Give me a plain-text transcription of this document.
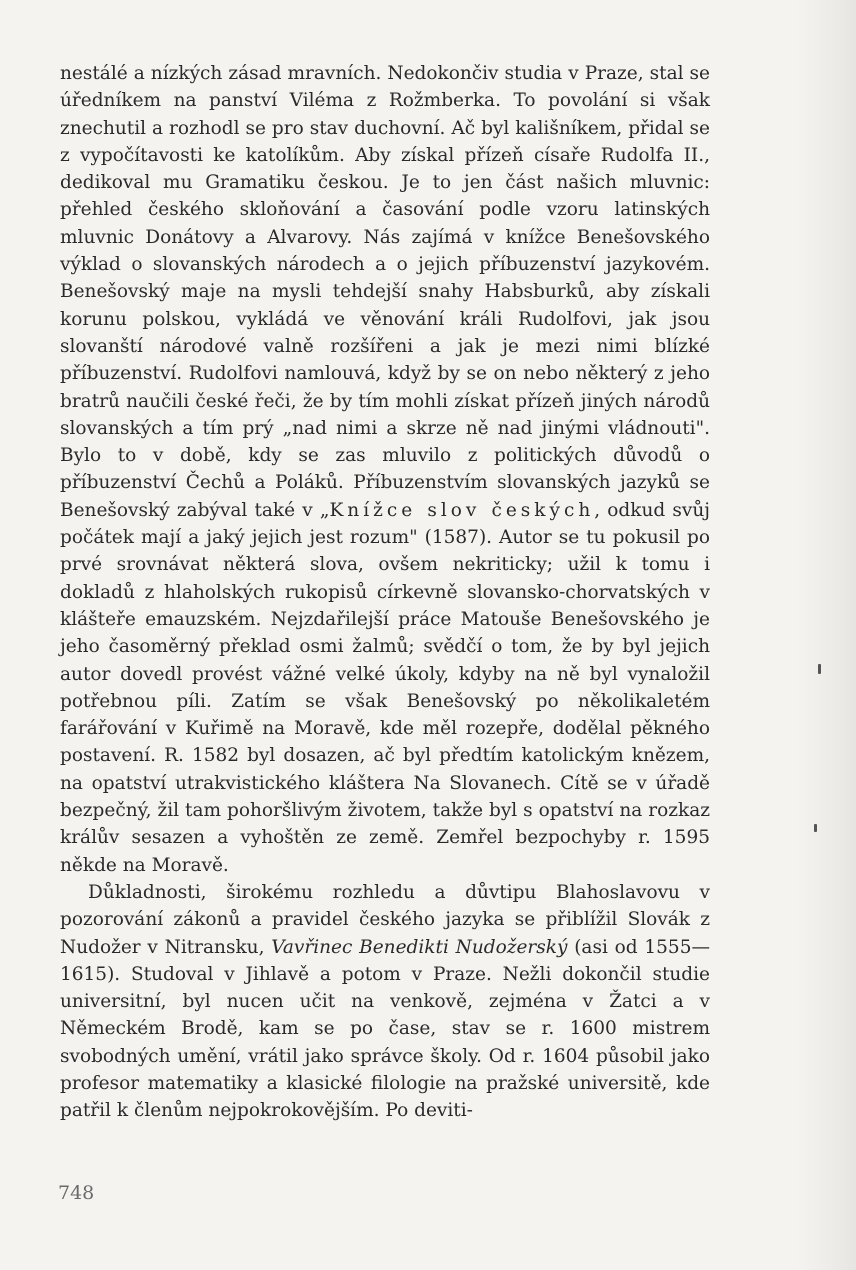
nestálé a nízkých zásad mravních. Nedokončiv studia v Praze, stal se úředníkem na panství Viléma z Rožmberka. To povolání si však znechutil a rozhodl se pro stav duchovní. Ač byl kališníkem, přidal se z vypočítavosti ke katolíkům. Aby získal přízeň císaře Rudolfa II., dedikoval mu Gramatiku českou. Je to jen část našich mluvnic: přehled českého skloňování a časování podle vzoru latinských mluvnic Donátovy a Alvarovy. Nás zajímá v knížce Benešovského výklad o slovanských národech a o jejich příbuzenství jazykovém. Benešovský maje na mysli tehdejší snahy Habsburků, aby získali korunu polskou, vykládá ve věnování králi Rudolfovi, jak jsou slovanští národové valně rozšířeni a jak je mezi nimi blízké příbuzenství. Rudolfovi namlouvá, když by se on nebo některý z jeho bratrů naučili české řeči, že by tím mohli získat přízeň jiných národů slovanských a tím prý „nad nimi a skrze ně nad jinými vládnouti". Bylo to v době, kdy se zas mluvilo z politických důvodů o příbuzenství Čechů a Poláků. Příbuzenstvím slovanských jazyků se Benešovský zabýval také v „Knížce slov českých, odkud svůj počátek mají a jaký jejich jest rozum" (1587). Autor se tu pokusil po prvé srovnávat některá slova, ovšem nekriticky; užil k tomu i dokladů z hlaholských rukopisů církevně slovansko-chorvatských v klášteře emauzském. Nejzdařilejší práce Matouše Benešovského je jeho časoměrný překlad osmi žalmů; svědčí o tom, že by byl jejich autor dovedl provést vážné velké úkoly, kdyby na ně byl vynaložil potřebnou píli. Zatím se však Benešovský po několikaletém farářování v Kuřimě na Moravě, kde měl rozepře, dodělal pěkného postavení. R. 1582 byl dosazen, ač byl předtím katolickým knězem, na opatství utrakvistického kláštera Na Slovanech. Cítě se v úřadě bezpečný, žil tam pohoršlivým životem, takže byl s opatství na rozkaz králův sesazen a vyhoštěn ze země. Zemřel bezpochyby r. 1595 někde na Moravě.

Důkladnosti, širokému rozhledu a důvtipu Blahoslavovu v pozorování zákonů a pravidel českého jazyka se přiblížil Slovák z Nudožer v Nitransku, Vavřinec Benedikti Nudožerský (asi od 1555—1615). Studoval v Jihlavě a potom v Praze. Nežli dokončil studie universitní, byl nucen učit na venkově, zejména v Žatci a v Německém Brodě, kam se po čase, stav se r. 1600 mistrem svobodných umění, vrátil jako správce školy. Od r. 1604 působil jako profesor matematiky a klasické filologie na pražské universitě, kde patřil k členům nejpokrokovějším. Po deviti-

748
